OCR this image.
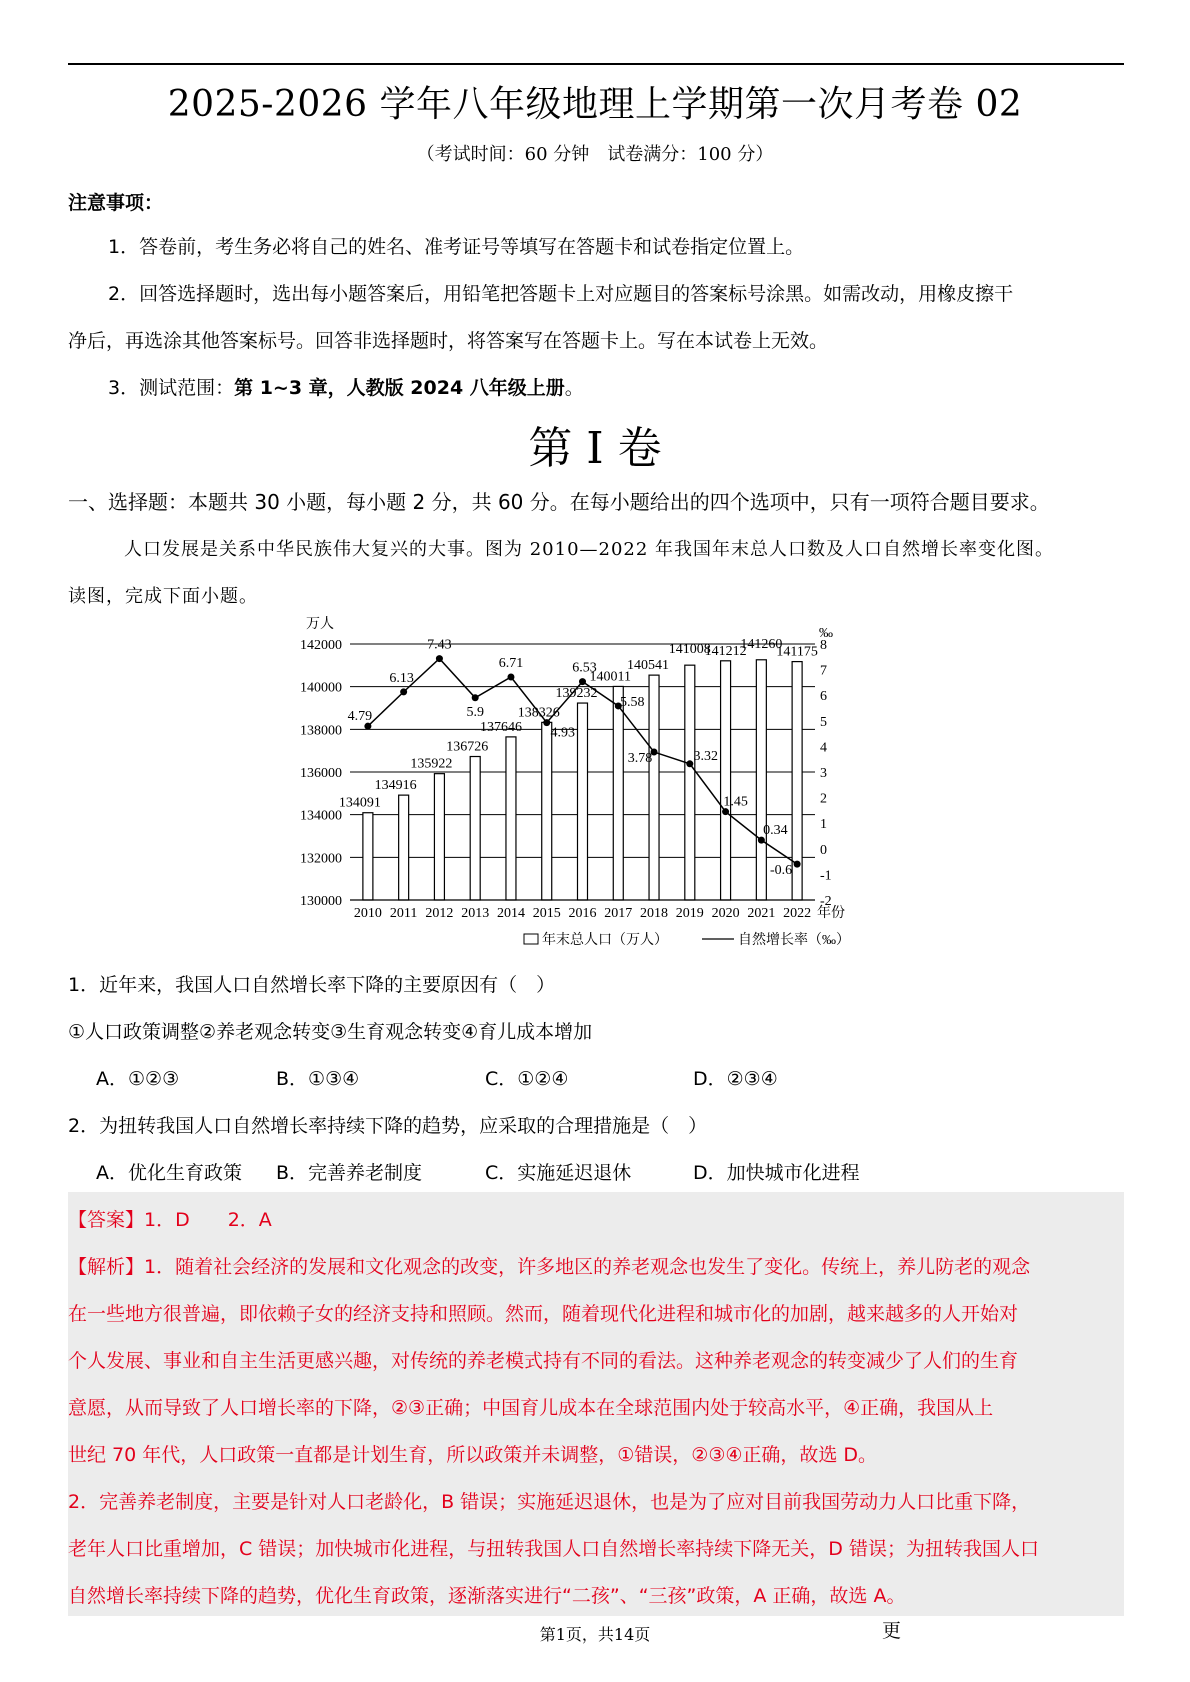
2025-2026 学年八年级地理上学期第一次月考卷 02
（考试时间：60 分钟　试卷满分：100 分）
注意事项：
1．答卷前，考生务必将自己的姓名、准考证号等填写在答题卡和试卷指定位置上。
2．回答选择题时，选出每小题答案后，用铅笔把答题卡上对应题目的答案标号涂黑。如需改动，用橡皮擦干
净后，再选涂其他答案标号。回答非选择题时，将答案写在答题卡上。写在本试卷上无效。
3．测试范围：第 1~3 章，人教版 2024 八年级上册。
第 I 卷
一、选择题：本题共 30 小题，每小题 2 分，共 60 分。在每小题给出的四个选项中，只有一项符合题目要求。
人口发展是关系中华民族伟大复兴的大事。图为 2010—2022 年我国年末总人口数及人口自然增长率变化图。
读图，完成下面小题。
134091
134916
135922
136726
137646
138326
139232
140011
140541
141008
141212
141260
141175
4.79
6.13
7.43
5.9
6.71
4.93
6.53
5.58
3.78	3.32
1.45
0.34
-0.6
130000
132000
134000
136000
138000
140000
142000
-2
-1
0
1
2
3
4
5
6
7
8
万人
‰
2010 2011 2012 2013 2014 2015 2016 2017 2018 2019 2020 2021 2022 年份
年末总人口（万人）	自然增长率（‰）
1．近年来，我国人口自然增长率下降的主要原因有（　）
①人口政策调整②养老观念转变③生育观念转变④育儿成本增加
A．①②③	B．①③④	C．①②④	D．②③④
2．为扭转我国人口自然增长率持续下降的趋势，应采取的合理措施是（　）
A．优化生育政策 B．完善养老制度	C．实施延迟退休	D．加快城市化进程
【答案】1．D　　2．A
【解析】1．随着社会经济的发展和文化观念的改变，许多地区的养老观念也发生了变化。传统上，养儿防老的观念
在一些地方很普遍，即依赖子女的经济支持和照顾。然而，随着现代化进程和城市化的加剧，越来越多的人开始对
个人发展、事业和自主生活更感兴趣，对传统的养老模式持有不同的看法。这种养老观念的转变减少了人们的生育
意愿，从而导致了人口增长率的下降，②③正确；中国育儿成本在全球范围内处于较高水平，④正确，我国从上
世纪 70 年代，人口政策一直都是计划生育，所以政策并未调整，①错误，②③④正确，故选 D。
2．完善养老制度，主要是针对人口老龄化，B 错误；实施延迟退休，也是为了应对目前我国劳动力人口比重下降，
老年人口比重增加，C 错误；加快城市化进程，与扭转我国人口自然增长率持续下降无关，D 错误；为扭转我国人口
自然增长率持续下降的趋势，优化生育政策，逐渐落实进行“二孩”、“三孩”政策，A 正确，故选 A。
第1页，共14页	更
